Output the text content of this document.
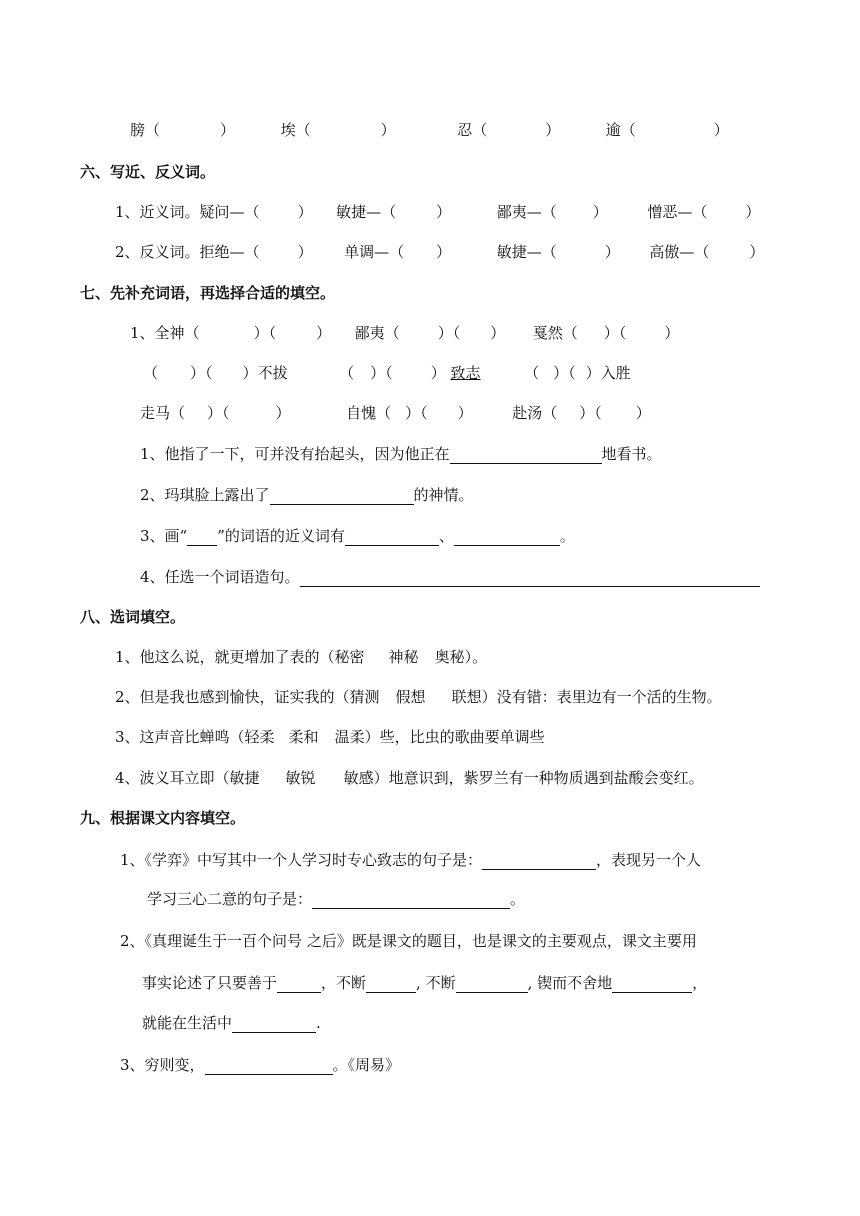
膀（	）	埃（	）	忍（	）	逾（	）
六、写近、反义词。
1、近义词。疑问—（	） 敏捷—（	）	鄙夷—（ ）	憎恶—（	）
2、反义词。拒绝—（	） 单调—（ ）	敏捷—（	） 高傲—（	）
七、先补充词语，再选择合适的填空。
1、全神（	）（	） 鄙夷（	）（ ） 戛然（ ）（	）
（ ）（ ）不拔	（ ）（	） 致志	（ ）（ ）入胜
走马（ ）（	）	自愧（ ）（ ）	赴汤（ ）（ ）
1、他指了一下，可并没有抬起头，因为他正在	地看书。
2、玛琪脸上露出了	的神情。
3、画“ ”的词语的近义词有	、	。
4、任选一个词语造句。
八、选词填空。
1、他这么说，就更增加了表的（秘密 神秘 奥秘）。
2、但是我也感到愉快，证实我的（猜测 假想 联想）没有错：表里边有一个活的生物。
3、这声音比蝉鸣（轻柔 柔和 温柔）些，比虫的歌曲要单调些
4、波义耳立即（敏捷 敏锐 敏感）地意识到，紫罗兰有一种物质遇到盐酸会变红。
九、根据课文内容填空。
1、《学弈》中写其中一个人学习时专心致志的句子是：	，表现另一个人
学习三心二意的句子是：	。
2、《真理诞生于一百个问号 之后》既是课文的题目，也是课文的主要观点，课文主要用
事实论述了只要善于	，不断	, 不断	, 锲而不舍地	，
就能在生活中	.
3、穷则变，	。《周易》
